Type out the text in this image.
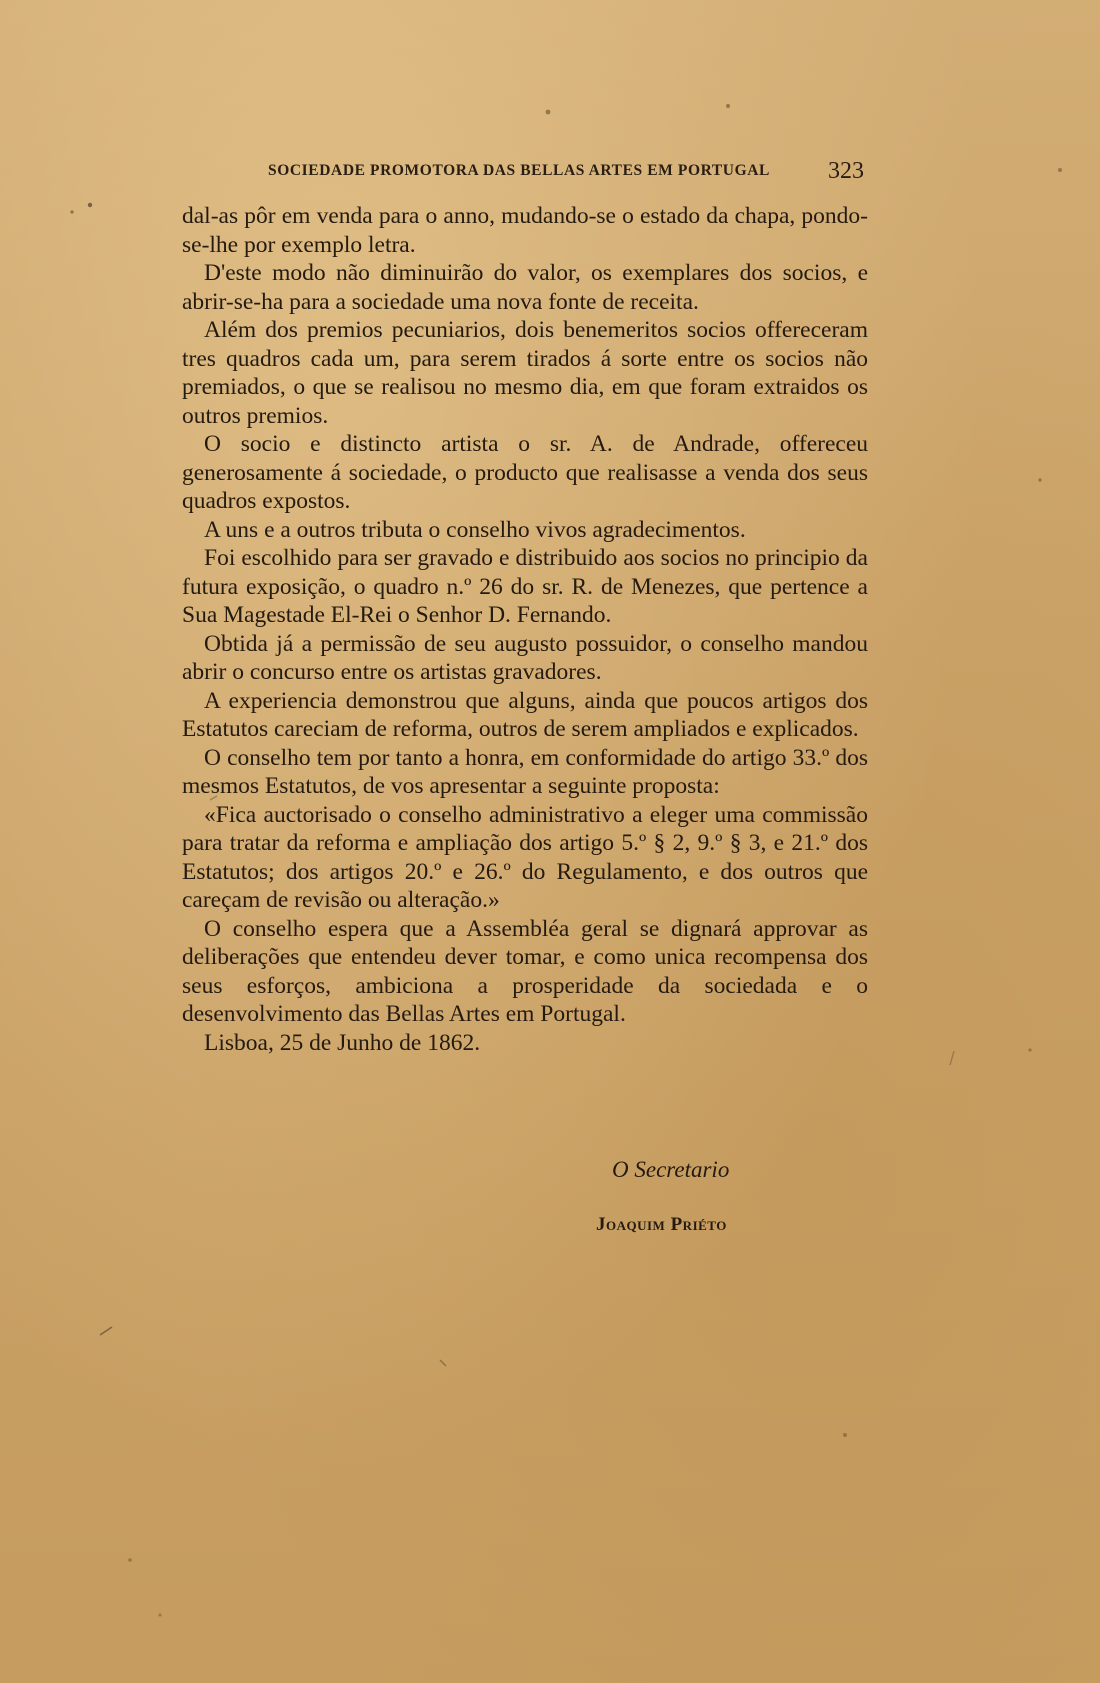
SOCIEDADE PROMOTORA DAS BELLAS ARTES EM PORTUGAL 323

dal-as pôr em venda para o anno, mudando-se o estado da chapa, pondo-se-lhe por exemplo letra.

D'este modo não diminuirão do valor, os exemplares dos socios, e abrir-se-ha para a sociedade uma nova fonte de receita.

Além dos premios pecuniarios, dois benemeritos socios offereceram tres quadros cada um, para serem tirados á sorte entre os socios não premiados, o que se realisou no mesmo dia, em que foram extraidos os outros premios.

O socio e distincto artista o sr. A. de Andrade, offereceu generosamente á sociedade, o producto que realisasse a venda dos seus quadros expostos.

A uns e a outros tributa o conselho vivos agradecimentos.

Foi escolhido para ser gravado e distribuido aos socios no principio da futura exposição, o quadro n.º 26 do sr. R. de Menezes, que pertence a Sua Magestade El-Rei o Senhor D. Fernando.

Obtida já a permissão de seu augusto possuidor, o conselho mandou abrir o concurso entre os artistas gravadores.

A experiencia demonstrou que alguns, ainda que poucos artigos dos Estatutos careciam de reforma, outros de serem ampliados e explicados.

O conselho tem por tanto a honra, em conformidade do artigo 33.º dos mesmos Estatutos, de vos apresentar a seguinte proposta:

«Fica auctorisado o conselho administrativo a eleger uma commissão para tratar da reforma e ampliação dos artigo 5.º § 2, 9.º § 3, e 21.º dos Estatutos; dos artigos 20.º e 26.º do Regulamento, e dos outros que careçam de revisão ou alteração.»

O conselho espera que a Assembléa geral se dignará approvar as deliberações que entendeu dever tomar, e como unica recompensa dos seus esforços, ambiciona a prosperidade da sociedada e o desenvolvimento das Bellas Artes em Portugal.

Lisboa, 25 de Junho de 1862.

O Secretario
Joaquim Priéto
